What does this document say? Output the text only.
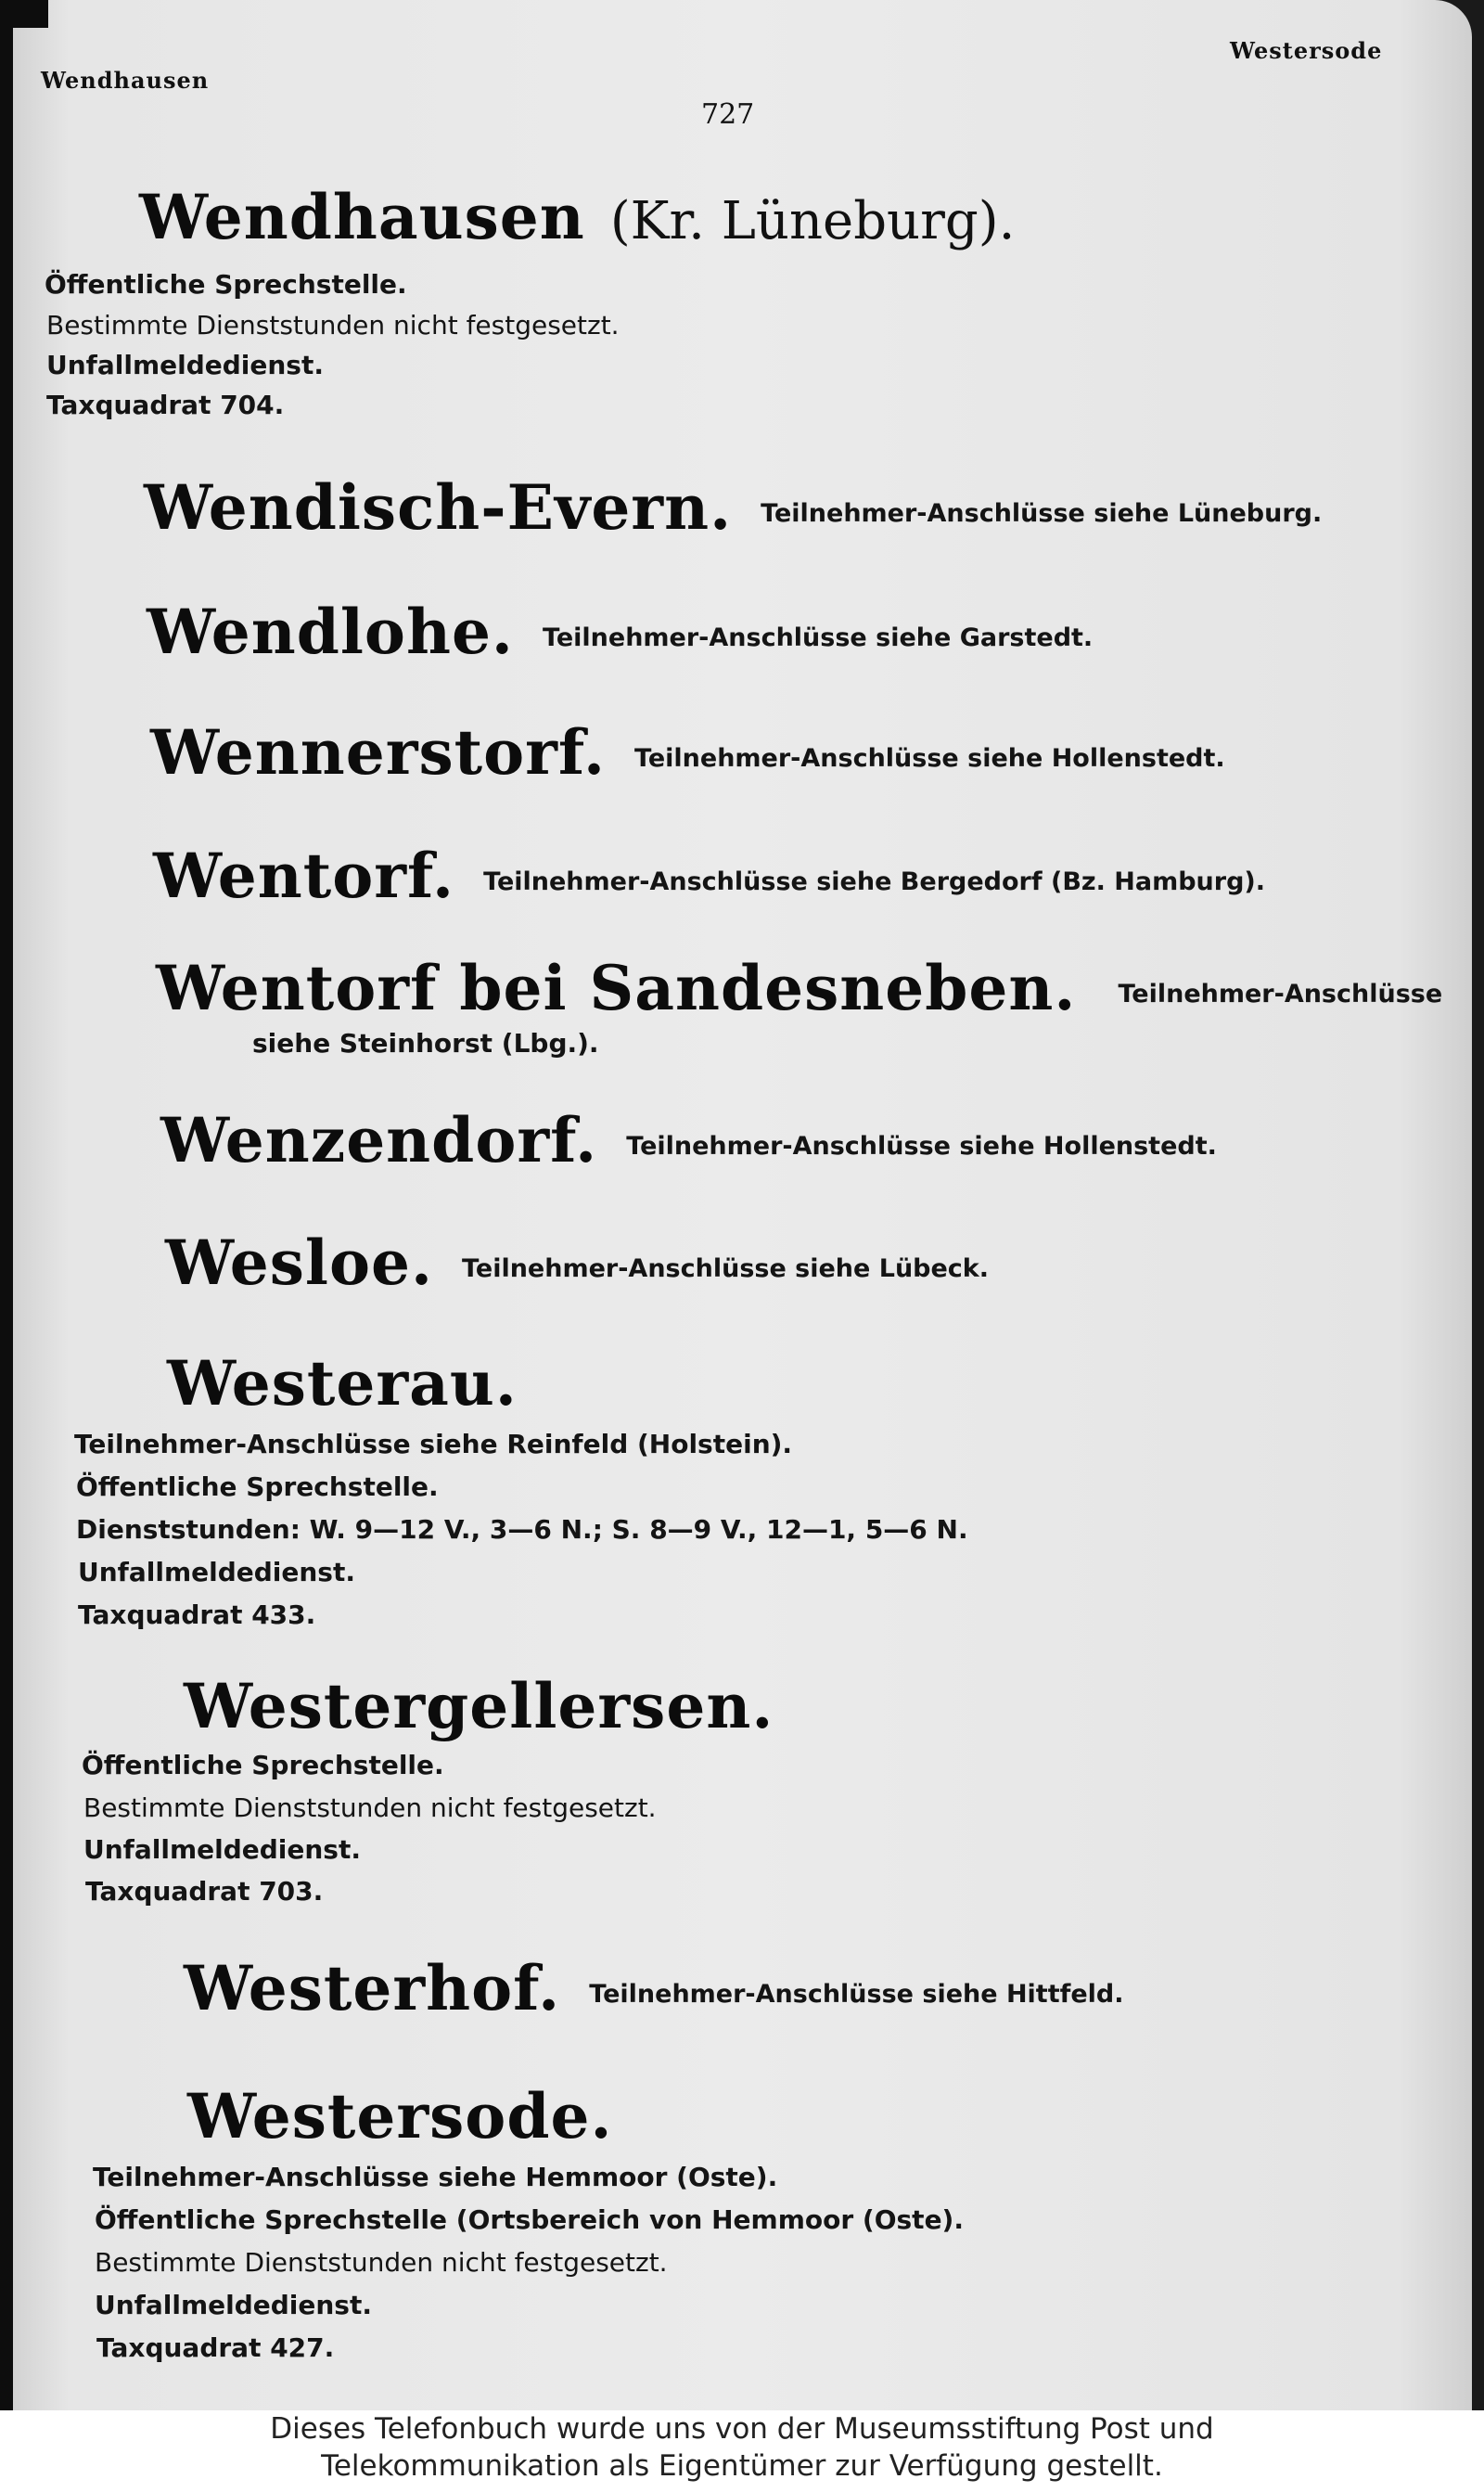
Wendhausen
Westersode
727
Wendhausen (Kr. Lüneburg).
Öffentliche Sprechstelle.
Bestimmte Dienststunden nicht festgesetzt.
Unfallmeldedienst.
Taxquadrat 704.
Wendisch-Evern. Teilnehmer-Anschlüsse siehe Lüneburg.
Wendlohe. Teilnehmer-Anschlüsse siehe Garstedt.
Wennerstorf. Teilnehmer-Anschlüsse siehe Hollenstedt.
Wentorf. Teilnehmer-Anschlüsse siehe Bergedorf (Bz. Hamburg).
Wentorf bei Sandesneben. Teilnehmer-Anschlüsse
siehe Steinhorst (Lbg.).
Wenzendorf. Teilnehmer-Anschlüsse siehe Hollenstedt.
Wesloe. Teilnehmer-Anschlüsse siehe Lübeck.
Westerau.
Teilnehmer-Anschlüsse siehe Reinfeld (Holstein).
Öffentliche Sprechstelle.
Dienststunden: W. 9—12 V., 3—6 N.; S. 8—9 V., 12—1, 5—6 N.
Unfallmeldedienst.
Taxquadrat 433.
Westergellersen.
Öffentliche Sprechstelle.
Bestimmte Dienststunden nicht festgesetzt.
Unfallmeldedienst.
Taxquadrat 703.
Westerhof. Teilnehmer-Anschlüsse siehe Hittfeld.
Westersode.
Teilnehmer-Anschlüsse siehe Hemmoor (Oste).
Öffentliche Sprechstelle (Ortsbereich von Hemmoor (Oste).
Bestimmte Dienststunden nicht festgesetzt.
Unfallmeldedienst.
Taxquadrat 427.
Dieses Telefonbuch wurde uns von der Museumsstiftung Post und
Telekommunikation als Eigentümer zur Verfügung gestellt.
